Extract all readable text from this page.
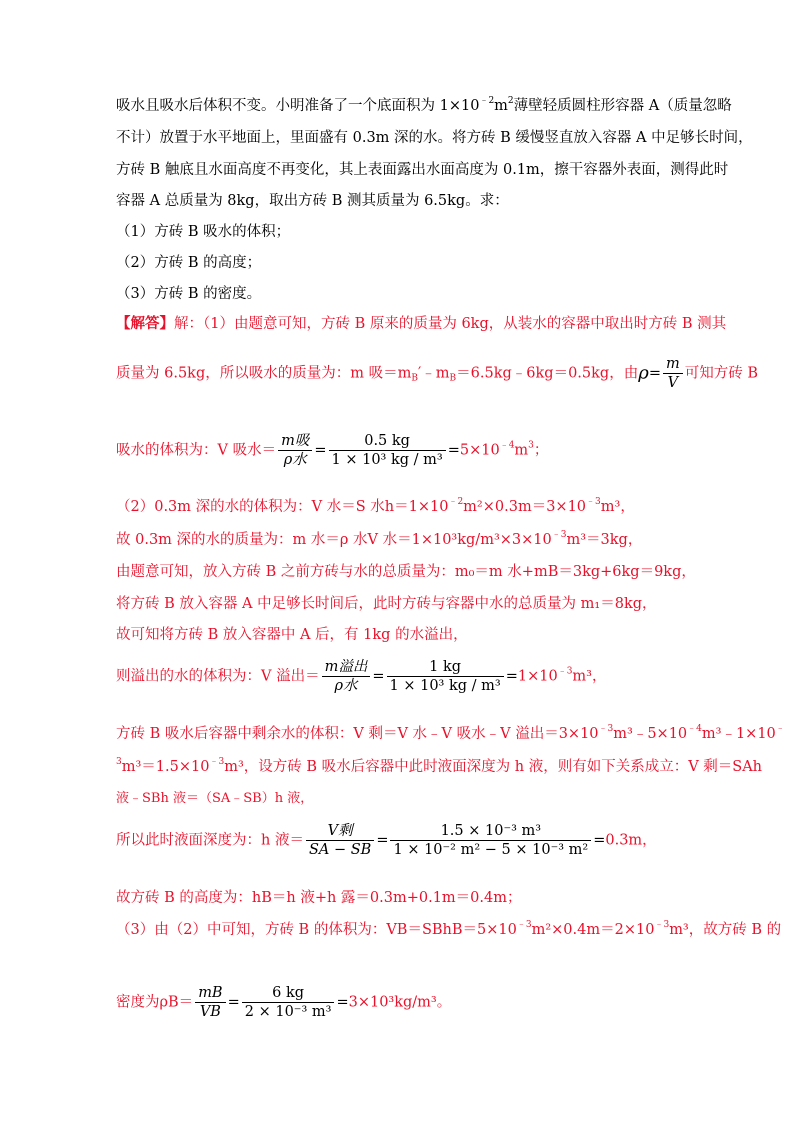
吸水且吸水后体积不变。小明准备了一个底面积为 $1\times 10^{﹣2}m^2$薄壁轻质圆柱形容器 A（质量忽略
不计）放置于水平地面上，里面盛有 0.3m 深的水。将方砖 B 缓慢竖直放入容器 A 中足够长时间，
方砖 B 触底且水面高度不再变化，其上表面露出水面高度为 0.1m，擦干容器外表面，测得此时
容器 A 总质量为 8kg，取出方砖 B 测其质量为 6.5kg。求：
（1）方砖 B 吸水的体积；
（2）方砖 B 的高度；
（3）方砖 B 的密度。
【解答】解：（1）由题意可知，方砖 B 原来的质量为 6kg，从装水的容器中取出时方砖 B 测其
质量为 6.5kg，所以吸水的质量为：m 吸$=m_B'﹣m_B=6.5kg﹣6kg=0.5kg$，由$\rho= \frac{m}{V}$ 可知方砖 B
吸水的体积为：V 吸水＝ $\frac{\text{m吸}}{\text{ρ水}} = \frac{0.5 kg}{\text{1 × 10³ kg / m³}} =5\times 10^{﹣4}m^3$；
（2）0.3m 深的水的体积为：V 水＝S 水$h=1\times 10^{﹣2}m^2\times 0.3m=3\times 10^{﹣3}m^3$，
故 0.3m 深的水的质量为：m 水＝ρ 水V 水$=1\times 10^3kg/m^3\times 3\times 10^{﹣3}m^3=3kg$，
由题意可知，放入方砖 B 之前方砖与水的总质量为：m₀＝m 水+mB＝3kg+6kg＝9kg，
将方砖 B 放入容器 A 中足够长时间后，此时方砖与容器中水的总质量为 m₁＝8kg，
故可知将方砖 B 放入容器中 A 后，有 1kg 的水溢出，
则溢出的水的体积为：V 溢出＝ $\frac{\text{m溢出}}{\text{ρ水}} = \frac{1 kg}{\text{1 × 10³ kg / m³}} =1\times 10^{﹣3}m^3$，
方砖 B 吸水后容器中剩余水的体积：V 剩＝V 水﹣V 吸水﹣V 溢出$=3\times 10^{﹣3}m^3﹣5\times 10^{﹣4}m^3﹣1\times 10^﹣$
$^3m^3=1.5\times 10^{﹣3}m^3$，设方砖 B 吸水后容器中此时液面深度为 h 液，则有如下关系成立：V 剩＝SAh
液﹣SBh 液＝（SA﹣SB）h 液，
所以此时液面深度为：h 液＝ $\frac{\text{V剩}}{SA - SB} = \frac{\text{1.5 × 10⁻³ m³}}{\text{1 × 10⁻² m² − 5 × 10⁻³ m²}} =0.3m$，
故方砖 B 的高度为：hB＝h 液+h 露＝0.3m+0.1m＝0.4m；
（3）由（2）中可知，方砖 B 的体积为：$VB=SBhB=5\times 10^{﹣3}m^2\times 0.4m=2\times 10^{﹣3}m^3$，故方砖 B 的
密度为$\rho B= \frac{mB}{VB} = \frac{6 kg}{\text{2 × 10⁻³ m³}} =3\times 10^3kg/m^3$。
